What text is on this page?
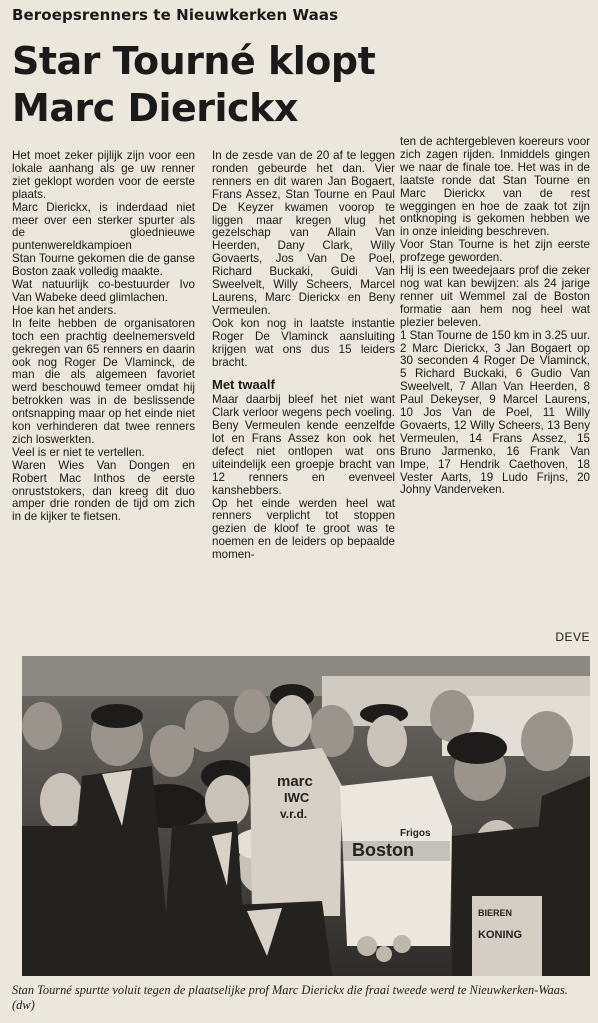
Beroepsrenners te Nieuwkerken Waas
Star Tourné klopt
Marc Dierickx

Het moet zeker pijlijk zijn voor een lokale aanhang als ge uw renner ziet geklopt worden voor de eerste plaats.

Marc Dierickx, is inderdaad niet meer over een sterker spurter als de gloednieuwe puntenwereldkampioen

Stan Tourne gekomen die de ganse Boston zaak volledig maakte.

Wat natuurlijk co-bestuurder Ivo Van Wabeke deed glimlachen.

Hoe kan het anders.

In feite hebben de organisatoren toch een prachtig deelnemersveld gekregen van 65 renners en daarin ook nog Roger De Vlaminck, de man die als algemeen favoriet werd beschouwd temeer omdat hij betrokken was in de beslissende ontsnapping maar op het einde niet kon verhinderen dat twee renners zich loswerkten.

Veel is er niet te vertellen.

Waren Wies Van Dongen en Robert Mac Inthos de eerste onruststokers, dan kreeg dit duo amper drie ronden de tijd om zich in de kijker te fietsen.

In de zesde van de 20 af te leggen ronden gebeurde het dan. Vier renners en dit waren Jan Bogaert, Frans Assez, Stan Tourne en Paul De Keyzer kwamen voorop te liggen maar kregen vlug het gezelschap van Allain Van Heerden, Dany Clark, Willy Govaerts, Jos Van De Poel, Richard Buckaki, Guidi Van Sweelvelt, Willy Scheers, Marcel Laurens, Marc Dierickx en Beny Vermeulen.

Ook kon nog in laatste instantie Roger De Vlaminck aansluiting krijgen wat ons dus 15 leiders bracht.

Met twaalf

Maar daarbij bleef het niet want Clark verloor wegens pech voeling. Beny Vermeulen kende eenzelfde lot en Frans Assez kon ook het defect niet ontlopen wat ons uiteindelijk een groepje bracht van 12 renners en evenveel kanshebbers.

Op het einde werden heel wat renners verplicht tot stoppen gezien de kloof te groot was te noemen en de leiders op bepaalde momen-

ten de achtergebleven koereurs voor zich zagen rijden. Inmiddels gingen we naar de finale toe. Het was in de laatste ronde dat Stan Tourne en Marc Dierickx van de rest weggingen en hoe de zaak tot zijn ontknoping is gekomen hebben we in onze inleiding beschreven.

Voor Stan Tourne is het zijn eerste profzege geworden.

Hij is een tweedejaars prof die zeker nog wat kan bewijzen: als 24 jarige renner uit Wemmel zal de Boston formatie aan hem nog heel wat plezier beleven.

1 Stan Tourne de 150 km in 3.25 uur.

2 Marc Dierickx, 3 Jan Bogaert op 30 seconden 4 Roger De Vlaminck, 5 Richard Buckaki, 6 Gudio Van Sweelvelt, 7 Allan Van Heerden, 8 Paul Dekeyser, 9 Marcel Laurens, 10 Jos Van de Poel, 11 Willy Govaerts, 12 Willy Scheers, 13 Beny Vermeulen, 14 Frans Assez, 15 Bruno Jarmenko, 16 Frank Van Impe, 17 Hendrik Caethoven, 18 Vester Aarts, 19 Ludo Frijns, 20 Johny Vanderveken.

DEVE
marc
IWC
v.r.d.
Frigos
Boston
BIEREN
KONING
Stan Tourné spurtte voluit tegen de plaatselijke prof Marc Dierickx die fraai tweede werd te Nieuwkerken-Waas. (dw)
